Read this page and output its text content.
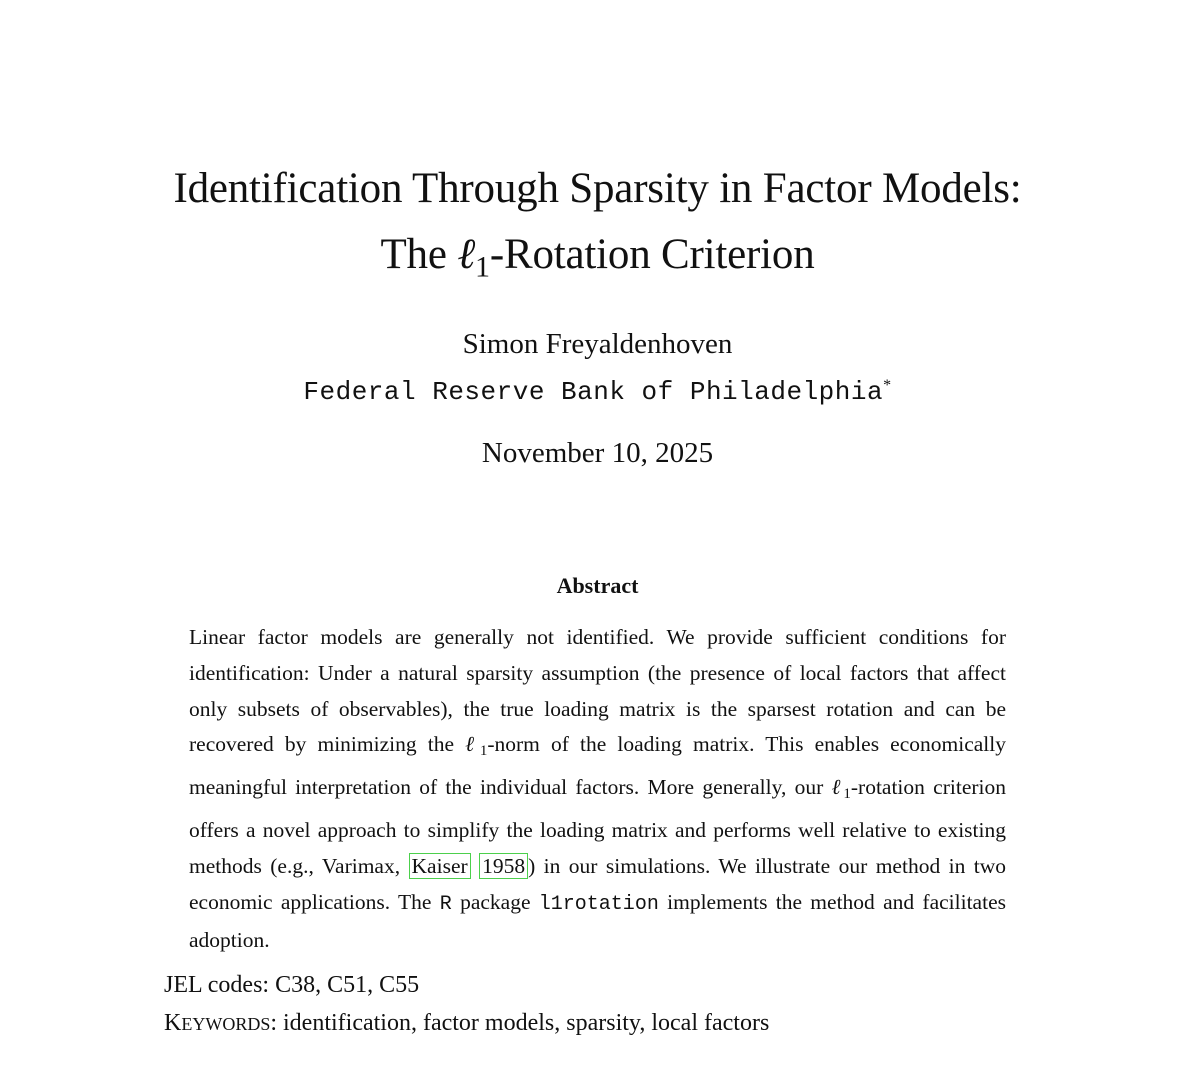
Identification Through Sparsity in Factor Models:
The ℓ$_1$-Rotation Criterion
Simon Freyaldenhoven
Federal Reserve Bank of Philadelphia*
November 10, 2025
Abstract
Linear factor models are generally not identified. We provide sufficient conditions for identification: Under a natural sparsity assumption (the presence of local factors that affect only subsets of observables), the true loading matrix is the sparsest rotation and can be recovered by minimizing the ℓ$_1$-norm of the loading matrix. This enables economically meaningful interpretation of the individual factors. More generally, our ℓ$_1$-rotation criterion offers a novel approach to simplify the loading matrix and performs well relative to existing methods (e.g., Varimax, Kaiser 1958 ) in our simulations. We illustrate our method in two economic applications. The R package l1rotation implements the method and facilitates adoption.
JEL codes: C38, C51, C55
KEYWORDS: identification, factor models, sparsity, local factors
